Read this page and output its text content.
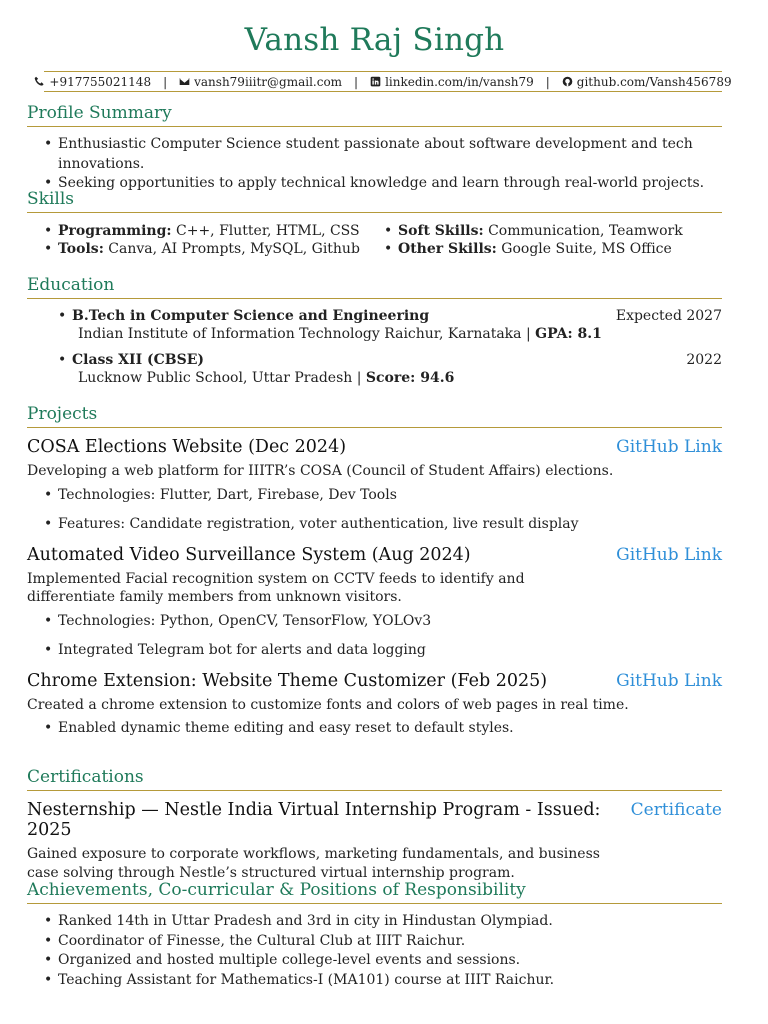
Vansh Raj Singh
+917755021148 | vansh79iiitr@gmail.com | linkedin.com/in/vansh79 | github.com/Vansh456789
Profile Summary
• Enthusiastic Computer Science student passionate about software development and tech innovations.
• Seeking opportunities to apply technical knowledge and learn through real-world projects.
Skills
• Programming: C++, Flutter, HTML, CSS
• Tools: Canva, AI Prompts, MySQL, Github
• Soft Skills: Communication, Teamwork
• Other Skills: Google Suite, MS Office
Education
• B.Tech in Computer Science and Engineering	Expected 2027
Indian Institute of Information Technology Raichur, Karnataka | GPA: 8.1
• Class XII (CBSE)	2022
Lucknow Public School, Uttar Pradesh | Score: 94.6
Projects
COSA Elections Website (Dec 2024)	GitHub Link
Developing a web platform for IIITR’s COSA (Council of Student Affairs) elections.
• Technologies: Flutter, Dart, Firebase, Dev Tools
• Features: Candidate registration, voter authentication, live result display
Automated Video Surveillance System (Aug 2024)	GitHub Link
Implemented Facial recognition system on CCTV feeds to identify and differentiate family members from unknown visitors.
• Technologies: Python, OpenCV, TensorFlow, YOLOv3
• Integrated Telegram bot for alerts and data logging
Chrome Extension: Website Theme Customizer (Feb 2025)	GitHub Link
Created a chrome extension to customize fonts and colors of web pages in real time.
• Enabled dynamic theme editing and easy reset to default styles.
Certifications
Nesternship — Nestle India Virtual Internship Program - Issued: 2025
Certificate
Gained exposure to corporate workflows, marketing fundamentals, and business case solving through Nestle’s structured virtual internship program.
Achievements, Co-curricular & Positions of Responsibility
• Ranked 14th in Uttar Pradesh and 3rd in city in Hindustan Olympiad.
• Coordinator of Finesse, the Cultural Club at IIIT Raichur.
• Organized and hosted multiple college-level events and sessions.
• Teaching Assistant for Mathematics-I (MA101) course at IIIT Raichur.
